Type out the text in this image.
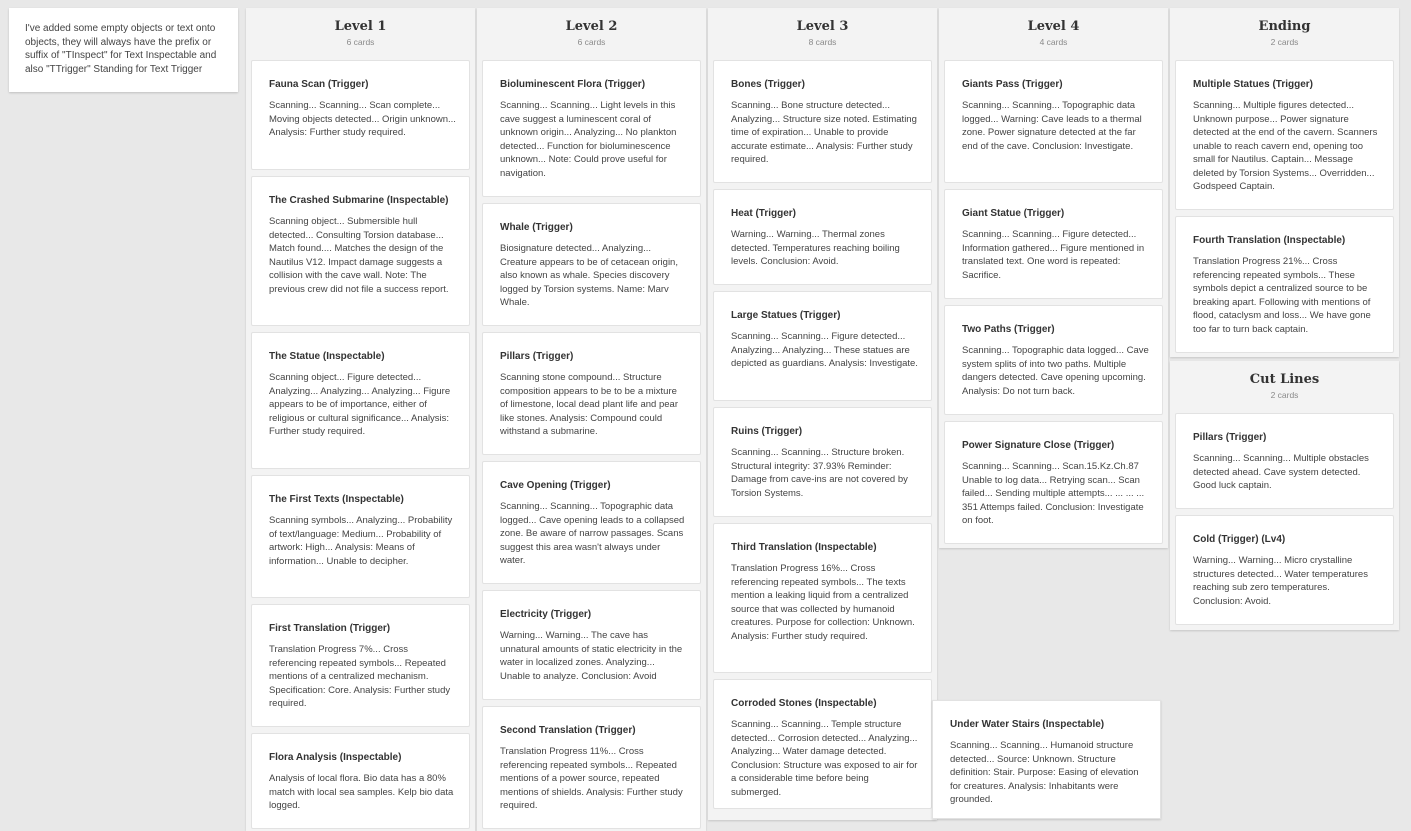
I've added some empty objects or text onto objects, they will always have the prefix or suffix of "TInspect" for Text Inspectable and also "TTrigger" Standing for Text Trigger
Level 1
6 cards
Fauna Scan (Trigger)
Scanning... Scanning... Scan complete... Moving objects detected... Origin unknown... Analysis: Further study required.
The Crashed Submarine (Inspectable)
Scanning object... Submersible hull detected... Consulting Torsion database... Match found.... Matches the design of the Nautilus V12. Impact damage suggests a collision with the cave wall. Note: The previous crew did not file a success report.
The Statue (Inspectable)
Scanning object... Figure detected... Analyzing... Analyzing... Analyzing... Figure appears to be of importance, either of religious or cultural significance... Analysis: Further study required.
The First Texts (Inspectable)
Scanning symbols... Analyzing... Probability of text/language: Medium... Probability of artwork: High... Analysis: Means of information... Unable to decipher.
First Translation (Trigger)
Translation Progress 7%... Cross referencing repeated symbols... Repeated mentions of a centralized mechanism. Specification: Core. Analysis: Further study required.
Flora Analysis (Inspectable)
Analysis of local flora. Bio data has a 80% match with local sea samples. Kelp bio data logged.
Level 2
6 cards
Bioluminescent Flora (Trigger)
Scanning... Scanning... Light levels in this cave suggest a luminescent coral of unknown origin... Analyzing... No plankton detected... Function for bioluminescence unknown... Note: Could prove useful for navigation.
Whale (Trigger)
Biosignature detected... Analyzing... Creature appears to be of cetacean origin, also known as whale. Species discovery logged by Torsion systems. Name: Marv Whale.
Pillars (Trigger)
Scanning stone compound... Structure composition appears to be to be a mixture of limestone, local dead plant life and pear like stones. Analysis: Compound could withstand a submarine.
Cave Opening (Trigger)
Scanning... Scanning... Topographic data logged... Cave opening leads to a collapsed zone. Be aware of narrow passages. Scans suggest this area wasn't always under water.
Electricity (Trigger)
Warning... Warning... The cave has unnatural amounts of static electricity in the water in localized zones. Analyzing... Unable to analyze. Conclusion: Avoid
Second Translation (Trigger)
Translation Progress 11%... Cross referencing repeated symbols... Repeated mentions of a power source, repeated mentions of shields. Analysis: Further study required.
Level 3
8 cards
Bones (Trigger)
Scanning... Bone structure detected... Analyzing... Structure size noted. Estimating time of expiration... Unable to provide accurate estimate... Analysis: Further study required.
Heat (Trigger)
Warning... Warning... Thermal zones detected. Temperatures reaching boiling levels. Conclusion: Avoid.
Large Statues (Trigger)
Scanning... Scanning... Figure detected... Analyzing... Analyzing... These statues are depicted as guardians. Analysis: Investigate.
Ruins (Trigger)
Scanning... Scanning... Structure broken. Structural integrity: 37.93% Reminder: Damage from cave-ins are not covered by Torsion Systems.
Third Translation (Inspectable)
Translation Progress 16%... Cross referencing repeated symbols... The texts mention a leaking liquid from a centralized source that was collected by humanoid creatures. Purpose for collection: Unknown. Analysis: Further study required.
Corroded Stones (Inspectable)
Scanning... Scanning... Temple structure detected... Corrosion detected... Analyzing... Analyzing... Water damage detected. Conclusion: Structure was exposed to air for a considerable time before being submerged.
Level 4
4 cards
Giants Pass (Trigger)
Scanning... Scanning... Topographic data logged... Warning: Cave leads to a thermal zone. Power signature detected at the far end of the cave. Conclusion: Investigate.
Giant Statue (Trigger)
Scanning... Scanning... Figure detected... Information gathered... Figure mentioned in translated text. One word is repeated: Sacrifice.
Two Paths (Trigger)
Scanning... Topographic data logged... Cave system splits of into two paths. Multiple dangers detected. Cave opening upcoming. Analysis: Do not turn back.
Power Signature Close (Trigger)
Scanning... Scanning... Scan.15.Kz.Ch.87 Unable to log data... Retrying scan... Scan failed... Sending multiple attempts... ... ... ... 351 Attemps failed. Conclusion: Investigate on foot.
Ending
2 cards
Multiple Statues (Trigger)
Scanning... Multiple figures detected... Unknown purpose... Power signature detected at the end of the cavern. Scanners unable to reach cavern end, opening too small for Nautilus. Captain... Message deleted by Torsion Systems... Overridden... Godspeed Captain.
Fourth Translation (Inspectable)
Translation Progress 21%... Cross referencing repeated symbols... These symbols depict a centralized source to be breaking apart. Following with mentions of flood, cataclysm and loss... We have gone too far to turn back captain.
Cut Lines
2 cards
Pillars (Trigger)
Scanning... Scanning... Multiple obstacles detected ahead. Cave system detected. Good luck captain.
Cold (Trigger) (Lv4)
Warning... Warning... Micro crystalline structures detected... Water temperatures reaching sub zero temperatures. Conclusion: Avoid.
Under Water Stairs (Inspectable)
Scanning... Scanning... Humanoid structure detected... Source: Unknown. Structure definition: Stair. Purpose: Easing of elevation for creatures. Analysis: Inhabitants were grounded.
